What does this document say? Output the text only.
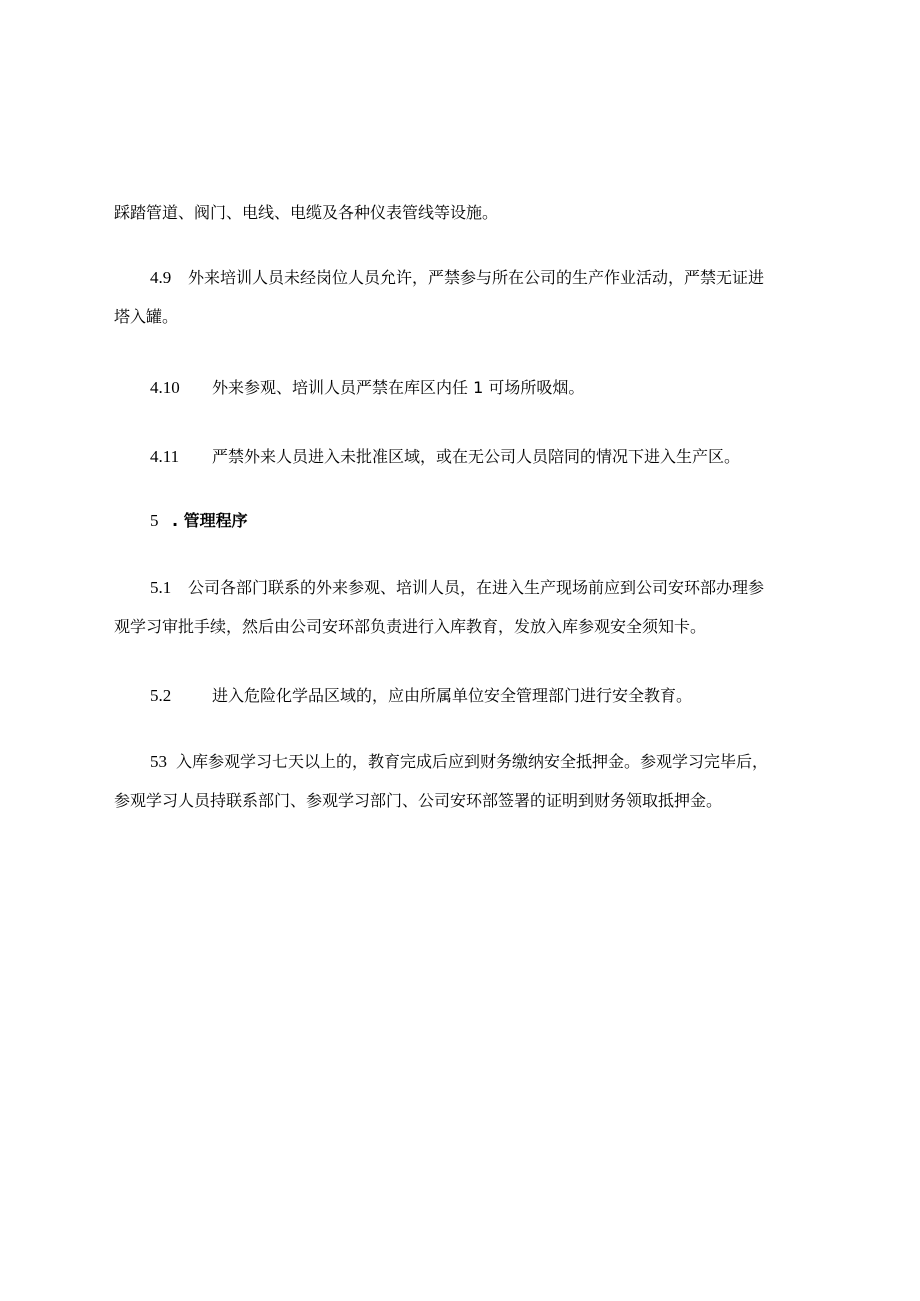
踩踏管道、阀门、电线、电缆及各种仪表管线等设施。
4.9 外来培训人员未经岗位人员允许，严禁参与所在公司的生产作业活动，严禁无证进
塔入罐。
4.10 外来参观、培训人员严禁在库区内任 1 可场所吸烟。
4.11 严禁外来人员进入未批准区域，或在无公司人员陪同的情况下进入生产区。
5 . 管理程序
5.1 公司各部门联系的外来参观、培训人员，在进入生产现场前应到公司安环部办理参
观学习审批手续，然后由公司安环部负责进行入库教育，发放入库参观安全须知卡。
5.2	进入危险化学品区域的，应由所属单位安全管理部门进行安全教育。
53 入库参观学习七天以上的，教育完成后应到财务缴纳安全抵押金。参观学习完毕后，
参观学习人员持联系部门、参观学习部门、公司安环部签署的证明到财务领取抵押金。
